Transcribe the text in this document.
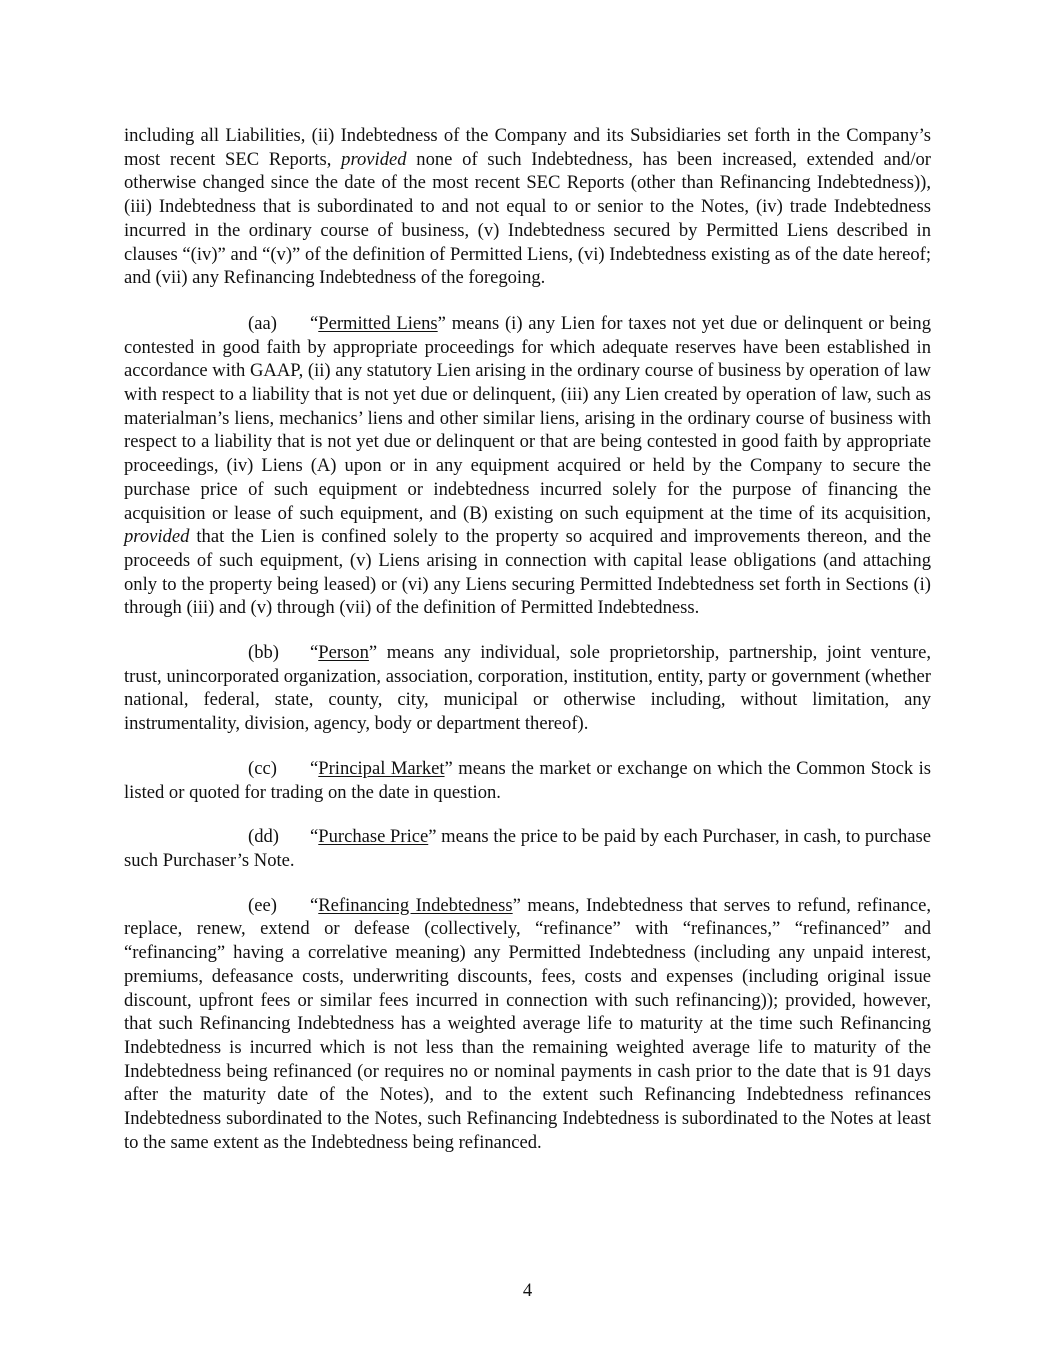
including all Liabilities, (ii) Indebtedness of the Company and its Subsidiaries set forth in the Company’s most recent SEC Reports, provided none of such Indebtedness, has been increased, extended and/or otherwise changed since the date of the most recent SEC Reports (other than Refinancing Indebtedness)), (iii) Indebtedness that is subordinated to and not equal to or senior to the Notes, (iv) trade Indebtedness incurred in the ordinary course of business, (v) Indebtedness secured by Permitted Liens described in clauses “(iv)” and “(v)” of the definition of Permitted Liens, (vi) Indebtedness existing as of the date hereof; and (vii) any Refinancing Indebtedness of the foregoing.

(aa) “Permitted Liens” means (i) any Lien for taxes not yet due or delinquent or being contested in good faith by appropriate proceedings for which adequate reserves have been established in accordance with GAAP, (ii) any statutory Lien arising in the ordinary course of business by operation of law with respect to a liability that is not yet due or delinquent, (iii) any Lien created by operation of law, such as materialman’s liens, mechanics’ liens and other similar liens, arising in the ordinary course of business with respect to a liability that is not yet due or delinquent or that are being contested in good faith by appropriate proceedings, (iv) Liens (A) upon or in any equipment acquired or held by the Company to secure the purchase price of such equipment or indebtedness incurred solely for the purpose of financing the acquisition or lease of such equipment, and (B) existing on such equipment at the time of its acquisition, provided that the Lien is confined solely to the property so acquired and improvements thereon, and the proceeds of such equipment, (v) Liens arising in connection with capital lease obligations (and attaching only to the property being leased) or (vi) any Liens securing Permitted Indebtedness set forth in Sections (i) through (iii) and (v) through (vii) of the definition of Permitted Indebtedness.

(bb) “Person” means any individual, sole proprietorship, partnership, joint venture, trust, unincorporated organization, association, corporation, institution, entity, party or government (whether national, federal, state, county, city, municipal or otherwise including, without limitation, any instrumentality, division, agency, body or department thereof).

(cc) “Principal Market” means the market or exchange on which the Common Stock is listed or quoted for trading on the date in question.

(dd) “Purchase Price” means the price to be paid by each Purchaser, in cash, to purchase such Purchaser’s Note.

(ee) “Refinancing Indebtedness” means, Indebtedness that serves to refund, refinance, replace, renew, extend or defease (collectively, “refinance” with “refinances,” “refinanced” and “refinancing” having a correlative meaning) any Permitted Indebtedness (including any unpaid interest, premiums, defeasance costs, underwriting discounts, fees, costs and expenses (including original issue discount, upfront fees or similar fees incurred in connection with such refinancing)); provided, however, that such Refinancing Indebtedness has a weighted average life to maturity at the time such Refinancing Indebtedness is incurred which is not less than the remaining weighted average life to maturity of the Indebtedness being refinanced (or requires no or nominal payments in cash prior to the date that is 91 days after the maturity date of the Notes), and to the extent such Refinancing Indebtedness refinances Indebtedness subordinated to the Notes, such Refinancing Indebtedness is subordinated to the Notes at least to the same extent as the Indebtedness being refinanced.

4
